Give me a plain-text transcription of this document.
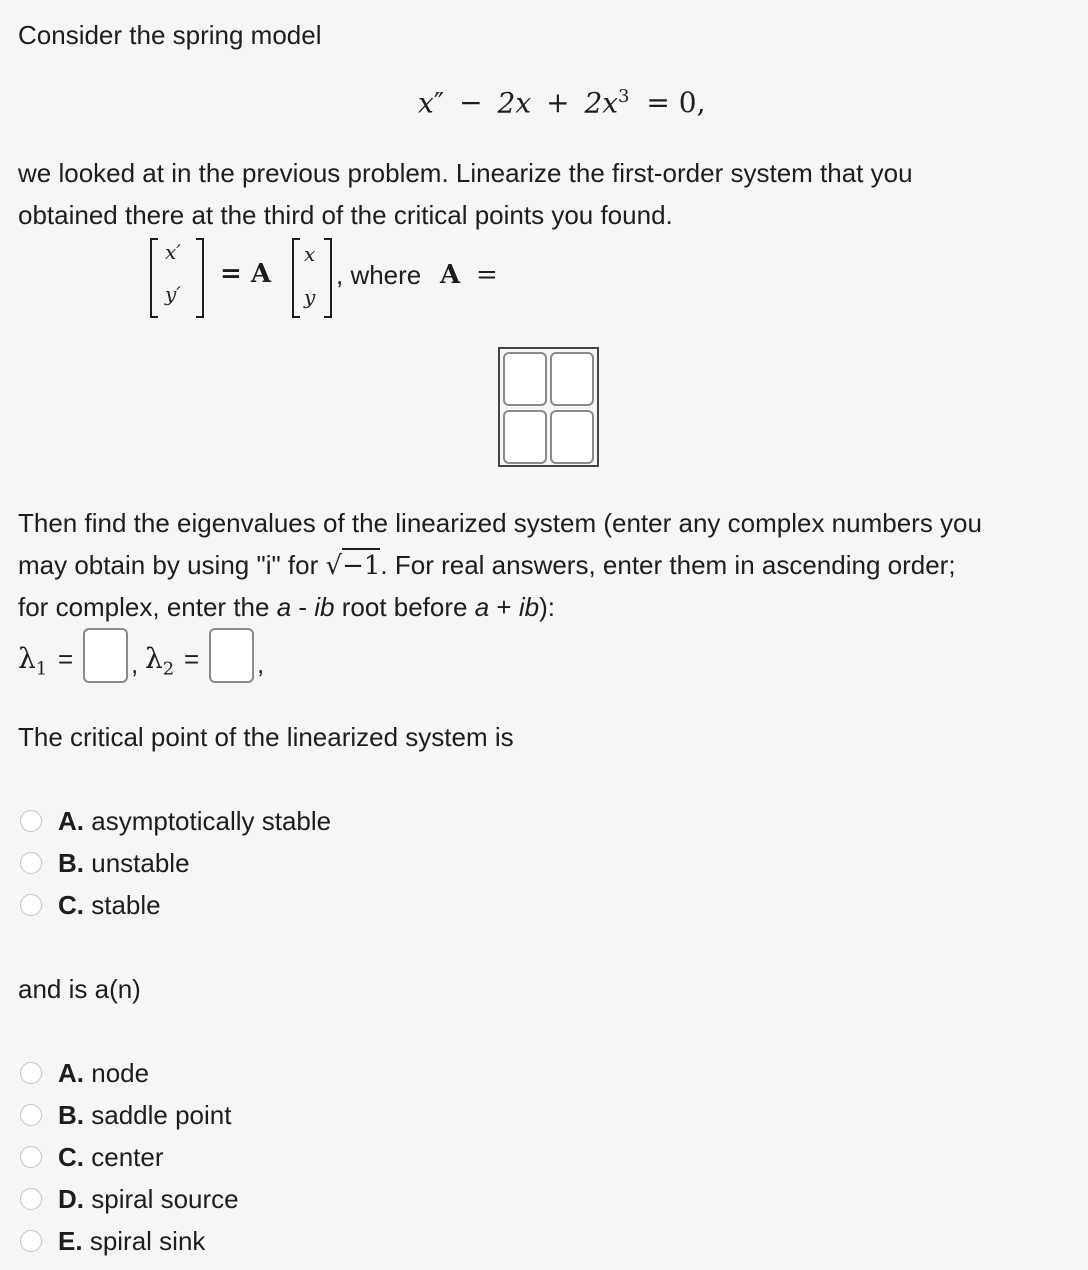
Consider the spring model
$x'' - 2x + 2x^3 = 0$,
we looked at in the previous problem. Linearize the first-order system that you
obtained there at the third of the critical points you found.
x′
y′
= A
x
y
, where A =
Then find the eigenvalues of the linearized system (enter any complex numbers you
may obtain by using "i" for √−1. For real answers, enter them in ascending order;
for complex, enter the a - ib root before a + ib):
$\lambda_1$ = , $\lambda_2$ = ,
The critical point of the linearized system is
A. asymptotically stable
B. unstable
C. stable
and is a(n)
A. node
B. saddle point
C. center
D. spiral source
E. spiral sink
